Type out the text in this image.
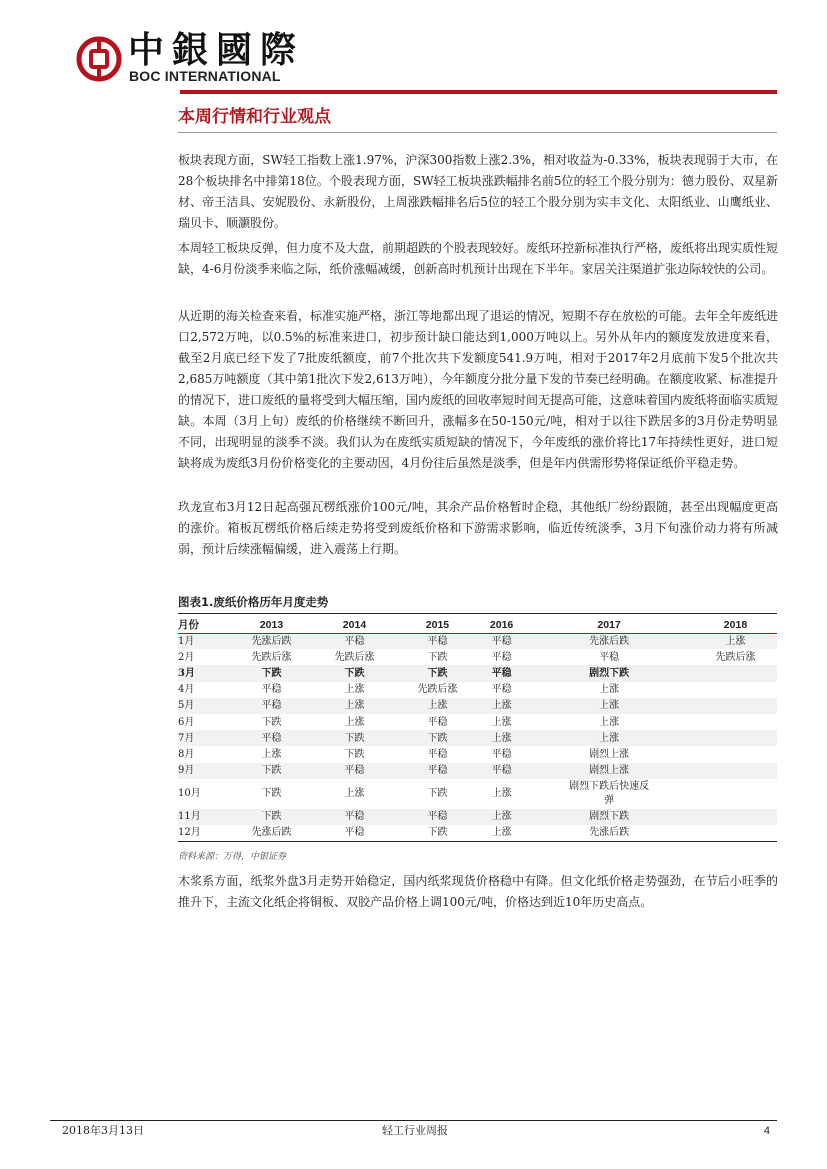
中銀國際
BOC INTERNATIONAL
本周行情和行业观点

板块表现方面，SW轻工指数上涨1.97%，沪深300指数上涨2.3%，相对收益为-0.33%，板块表现弱于大市，在28个板块排名中排第18位。个股表现方面，SW轻工板块涨跌幅排名前5位的轻工个股分别为：德力股份、双星新材、帝王洁具、安妮股份、永新股份，上周涨跌幅排名后5位的轻工个股分别为实丰文化、太阳纸业、山鹰纸业、瑞贝卡、顺灏股份。

本周轻工板块反弹，但力度不及大盘，前期超跌的个股表现较好。废纸环控新标准执行严格，废纸将出现实质性短缺，4-6月份淡季来临之际，纸价涨幅减缓，创新高时机预计出现在下半年。家居关注渠道扩张边际较快的公司。

从近期的海关检查来看，标准实施严格，浙江等地都出现了退运的情况，短期不存在放松的可能。去年全年废纸进口2,572万吨，以0.5%的标准来进口，初步预计缺口能达到1,000万吨以上。另外从年内的额度发放进度来看，截至2月底已经下发了7批废纸额度，前7个批次共下发额度541.9万吨，相对于2017年2月底前下发5个批次共2,685万吨额度（其中第1批次下发2,613万吨），今年额度分批分量下发的节奏已经明确。在额度收紧、标准提升的情况下，进口废纸的量将受到大幅压缩，国内废纸的回收率短时间无提高可能，这意味着国内废纸将面临实质短缺。本周（3月上旬）废纸的价格继续不断回升，涨幅多在50-150元/吨，相对于以往下跌居多的3月份走势明显不同，出现明显的淡季不淡。我们认为在废纸实质短缺的情况下，今年废纸的涨价将比17年持续性更好，进口短缺将成为废纸3月份价格变化的主要动因，4月份往后虽然是淡季，但是年内供需形势将保证纸价平稳走势。

玖龙宣布3月12日起高强瓦楞纸涨价100元/吨，其余产品价格暂时企稳，其他纸厂纷纷跟随，甚至出现幅度更高的涨价。箱板瓦楞纸价格后续走势将受到废纸价格和下游需求影响，临近传统淡季，3月下旬涨价动力将有所减弱，预计后续涨幅偏缓，进入震荡上行期。

图表1.废纸价格历年月度走势
月份	2013	2014	2015	2016	2017	2018
1月	先涨后跌	平稳	平稳	平稳	先涨后跌	上涨
2月	先跌后涨	先跌后涨	下跌	平稳	平稳	先跌后涨
3月	下跌	下跌	下跌	平稳	剧烈下跌	
4月	平稳	上涨	先跌后涨	平稳	上涨	
5月	平稳	上涨	上涨	上涨	上涨	
6月	下跌	上涨	平稳	上涨	上涨	
7月	平稳	下跌	下跌	上涨	上涨	
8月	上涨	下跌	平稳	平稳	剧烈上涨	
9月	下跌	平稳	平稳	平稳	剧烈上涨	
10月	下跌	上涨	下跌	上涨	剧烈下跌后快速反弹	
11月	下跌	平稳	平稳	上涨	剧烈下跌	
12月	先涨后跌	平稳	下跌	上涨	先涨后跌	
资料来源：万得，中银证券

木浆系方面，纸浆外盘3月走势开始稳定，国内纸浆现货价格稳中有降。但文化纸价格走势强劲，在节后小旺季的推升下，主流文化纸企将铜板、双胶产品价格上调100元/吨，价格达到近10年历史高点。

2018年3月13日	轻工行业周报	4
